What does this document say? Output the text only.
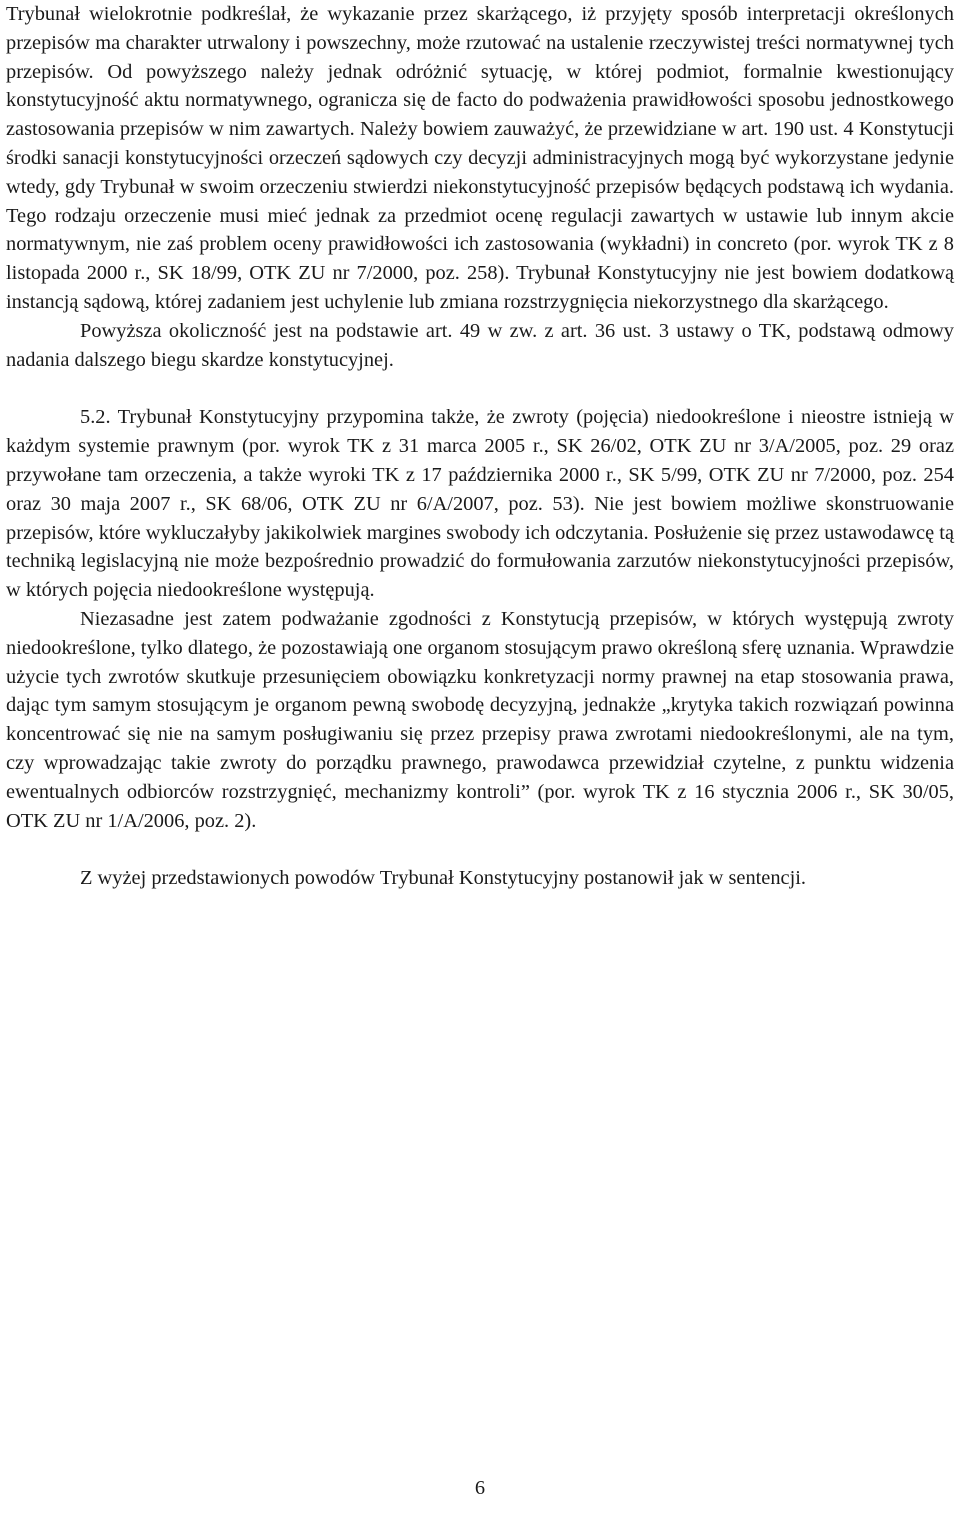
Trybunał wielokrotnie podkreślał, że wykazanie przez skarżącego, iż przyjęty sposób interpretacji określonych przepisów ma charakter utrwalony i powszechny, może rzutować na ustalenie rzeczywistej treści normatywnej tych przepisów. Od powyższego należy jednak odróżnić sytuację, w której podmiot, formalnie kwestionujący konstytucyjność aktu normatywnego, ogranicza się de facto do podważenia prawidłowości sposobu jednostkowego zastosowania przepisów w nim zawartych. Należy bowiem zauważyć, że przewidziane w art. 190 ust. 4 Konstytucji środki sanacji konstytucyjności orzeczeń sądowych czy decyzji administracyjnych mogą być wykorzystane jedynie wtedy, gdy Trybunał w swoim orzeczeniu stwierdzi niekonstytucyjność przepisów będących podstawą ich wydania. Tego rodzaju orzeczenie musi mieć jednak za przedmiot ocenę regulacji zawartych w ustawie lub innym akcie normatywnym, nie zaś problem oceny prawidłowości ich zastosowania (wykładni) in concreto (por. wyrok TK z 8 listopada 2000 r., SK 18/99, OTK ZU nr 7/2000, poz. 258). Trybunał Konstytucyjny nie jest bowiem dodatkową instancją sądową, której zadaniem jest uchylenie lub zmiana rozstrzygnięcia niekorzystnego dla skarżącego.

Powyższa okoliczność jest na podstawie art. 49 w zw. z art. 36 ust. 3 ustawy o TK, podstawą odmowy nadania dalszego biegu skardze konstytucyjnej.

5.2. Trybunał Konstytucyjny przypomina także, że zwroty (pojęcia) niedookreślone i nieostre istnieją w każdym systemie prawnym (por. wyrok TK z 31 marca 2005 r., SK 26/02, OTK ZU nr 3/A/2005, poz. 29 oraz przywołane tam orzeczenia, a także wyroki TK z 17 października 2000 r., SK 5/99, OTK ZU nr 7/2000, poz. 254 oraz 30 maja 2007 r., SK 68/06, OTK ZU nr 6/A/2007, poz. 53). Nie jest bowiem możliwe skonstruowanie przepisów, które wykluczałyby jakikolwiek margines swobody ich odczytania. Posłużenie się przez ustawodawcę tą techniką legislacyjną nie może bezpośrednio prowadzić do formułowania zarzutów niekonstytucyjności przepisów, w których pojęcia niedookreślone występują.

Niezasadne jest zatem podważanie zgodności z Konstytucją przepisów, w których występują zwroty niedookreślone, tylko dlatego, że pozostawiają one organom stosującym prawo określoną sferę uznania. Wprawdzie użycie tych zwrotów skutkuje przesunięciem obowiązku konkretyzacji normy prawnej na etap stosowania prawa, dając tym samym stosującym je organom pewną swobodę decyzyjną, jednakże „krytyka takich rozwiązań powinna koncentrować się nie na samym posługiwaniu się przez przepisy prawa zwrotami niedookreślonymi, ale na tym, czy wprowadzając takie zwroty do porządku prawnego, prawodawca przewidział czytelne, z punktu widzenia ewentualnych odbiorców rozstrzygnięć, mechanizmy kontroli” (por. wyrok TK z 16 stycznia 2006 r., SK 30/05, OTK ZU nr 1/A/2006, poz. 2).

Z wyżej przedstawionych powodów Trybunał Konstytucyjny postanowił jak w sentencji.

6
